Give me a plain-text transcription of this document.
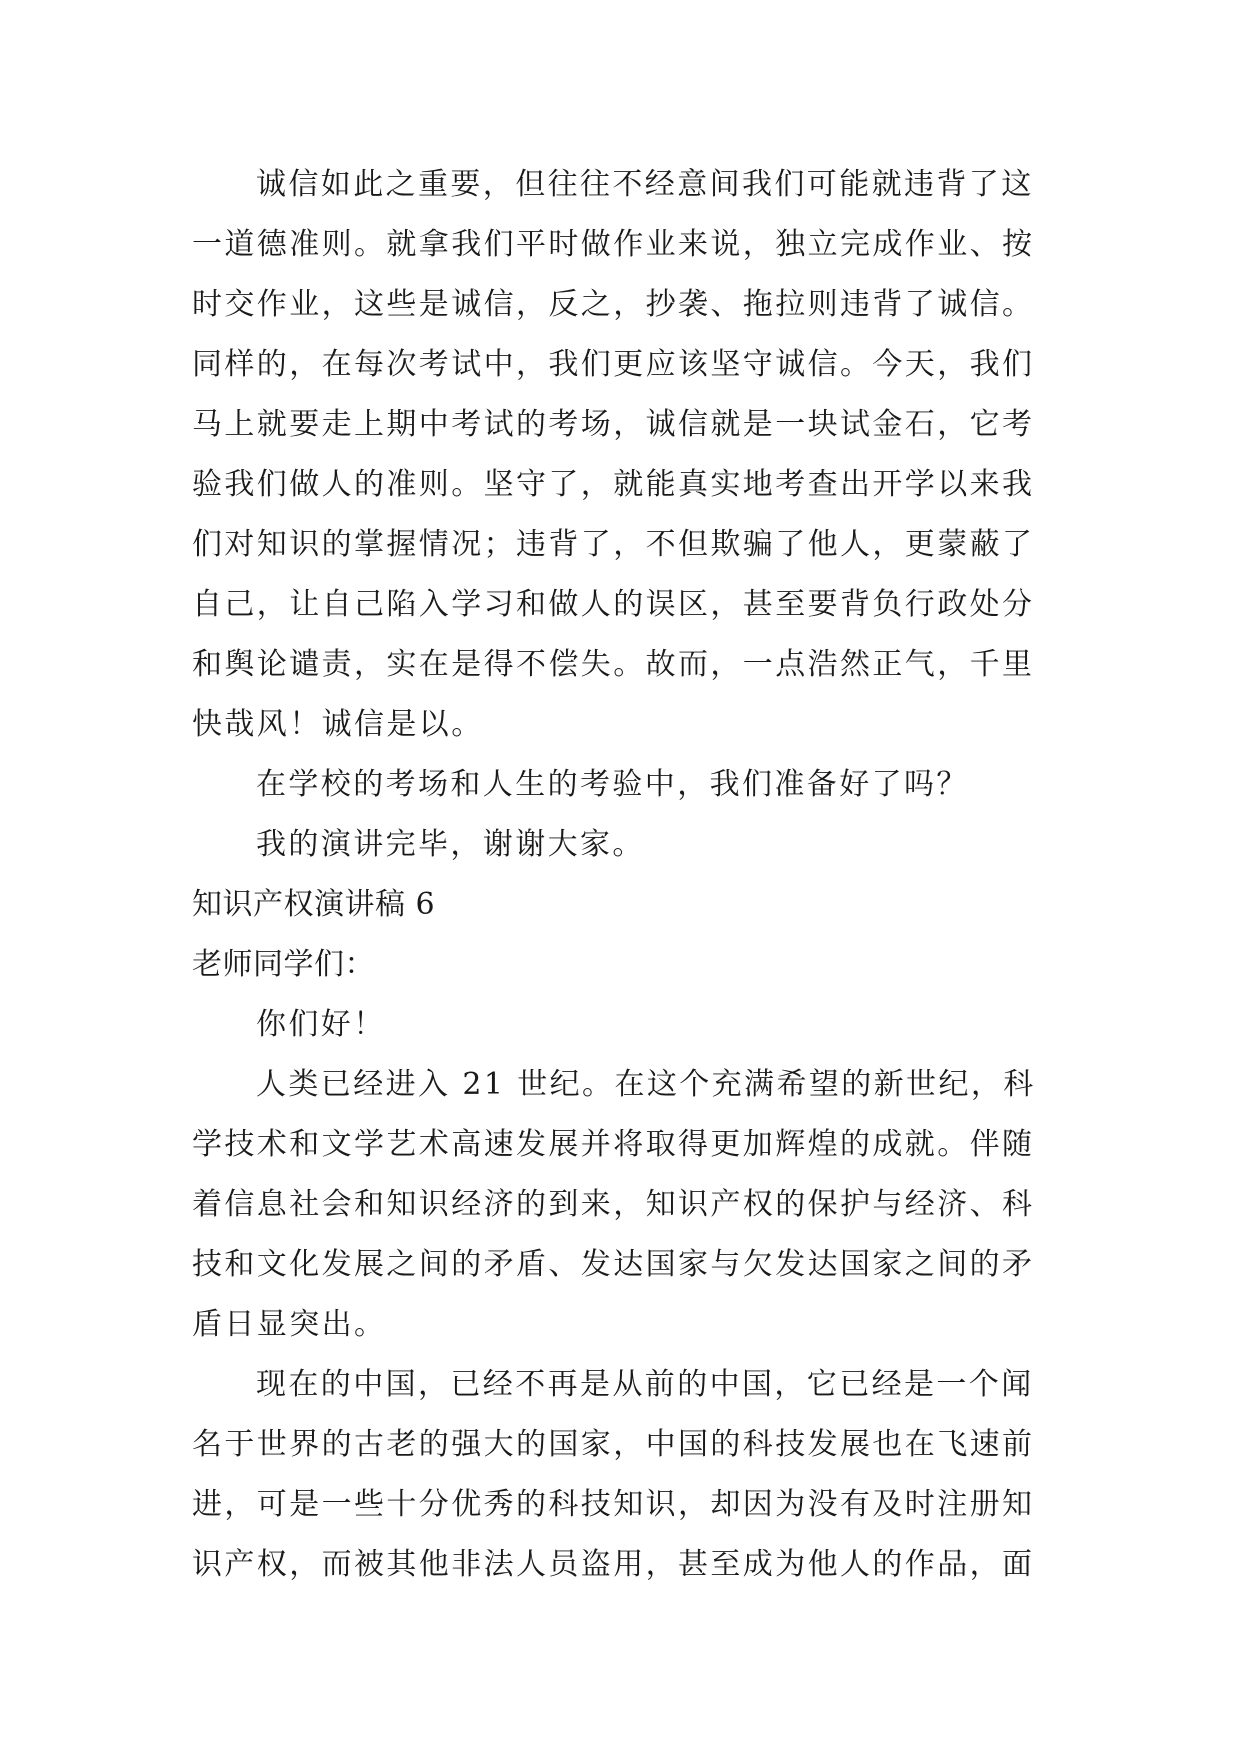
诚信如此之重要，但往往不经意间我们可能就违背了这
一道德准则。就拿我们平时做作业来说，独立完成作业、按
时交作业，这些是诚信，反之，抄袭、拖拉则违背了诚信。
同样的，在每次考试中，我们更应该坚守诚信。今天，我们
马上就要走上期中考试的考场，诚信就是一块试金石，它考
验我们做人的准则。坚守了，就能真实地考查出开学以来我
们对知识的掌握情况；违背了，不但欺骗了他人，更蒙蔽了
自己，让自己陷入学习和做人的误区，甚至要背负行政处分
和舆论谴责，实在是得不偿失。故而，一点浩然正气，千里
快哉风！诚信是以。
在学校的考场和人生的考验中，我们准备好了吗？
我的演讲完毕，谢谢大家。
知识产权演讲稿 6
老师同学们：
你们好！
人类已经进入 21 世纪。在这个充满希望的新世纪，科
学技术和文学艺术高速发展并将取得更加辉煌的成就。伴随
着信息社会和知识经济的到来，知识产权的保护与经济、科
技和文化发展之间的矛盾、发达国家与欠发达国家之间的矛
盾日显突出。
现在的中国，已经不再是从前的中国，它已经是一个闻
名于世界的古老的强大的国家，中国的科技发展也在飞速前
进，可是一些十分优秀的科技知识，却因为没有及时注册知
识产权，而被其他非法人员盗用，甚至成为他人的作品，面
